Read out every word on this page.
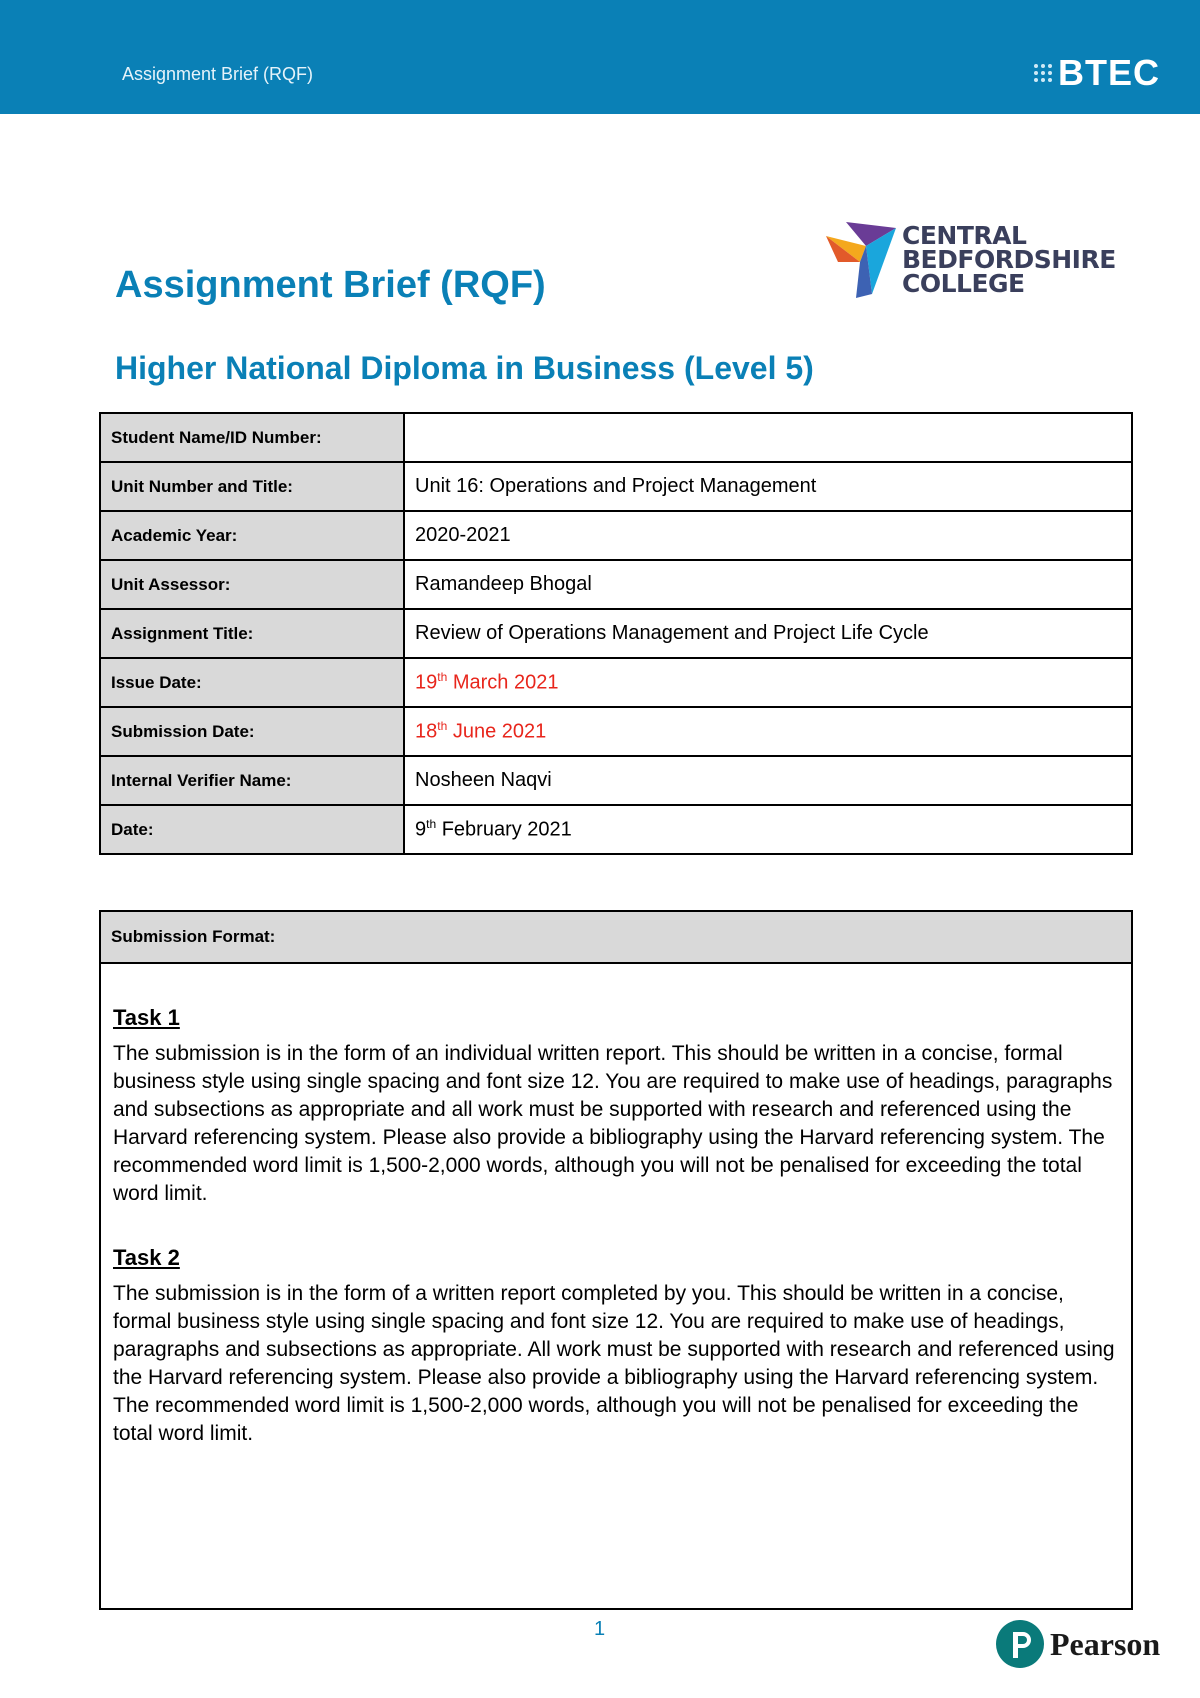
Assignment Brief (RQF)	BTEC
CENTRAL
BEDFORDSHIRE
COLLEGE
Assignment Brief (RQF)
Higher National Diploma in Business (Level 5)
Student Name/ID Number:	
Unit Number and Title:	Unit 16: Operations and Project Management
Academic Year:	2020-2021
Unit Assessor:	Ramandeep Bhogal
Assignment Title:	Review of Operations Management and Project Life Cycle
Issue Date:	19th March 2021
Submission Date:	18th June 2021
Internal Verifier Name:	Nosheen Naqvi
Date:	9th February 2021
Submission Format:
Task 1

The submission is in the form of an individual written report. This should be written in a concise, formal business style using single spacing and font size 12. You are required to make use of headings, paragraphs and subsections as appropriate and all work must be supported with research and referenced using the Harvard referencing system. Please also provide a bibliography using the Harvard referencing system. The recommended word limit is 1,500-2,000 words, although you will not be penalised for exceeding the total word limit.

Task 2

The submission is in the form of a written report completed by you. This should be written in a concise, formal business style using single spacing and font size 12. You are required to make use of headings, paragraphs and subsections as appropriate. All work must be supported with research and referenced using the Harvard referencing system. Please also provide a bibliography using the Harvard referencing system. The recommended word limit is 1,500-2,000 words, although you will not be penalised for exceeding the total word limit.

1	Pearson
